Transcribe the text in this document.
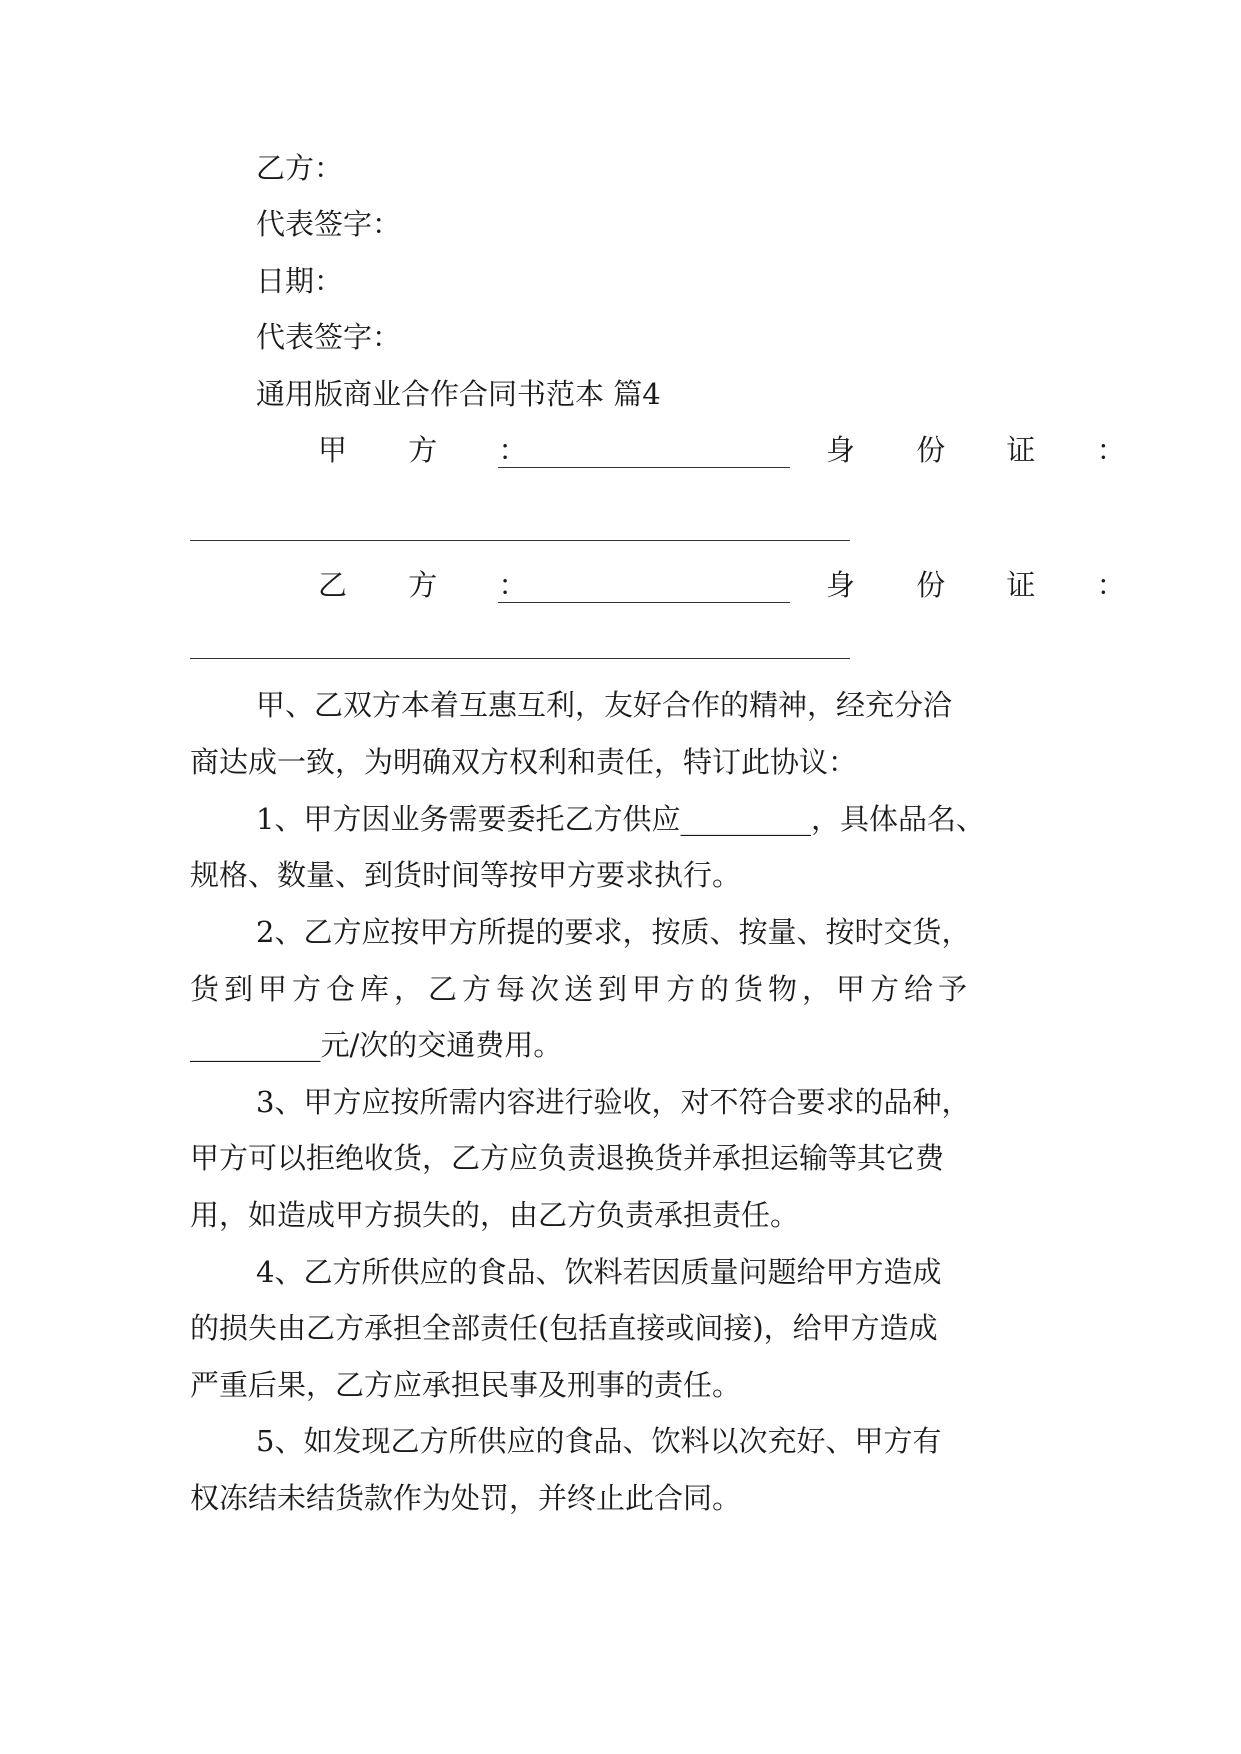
乙方：
代表签字：
日期：
代表签字：
通用版商业合作合同书范本 篇4
甲 方 ：	身 份 证 ：
乙 方 ：	身 份 证 ：
甲、乙双方本着互惠互利，友好合作的精神，经充分洽
商达成一致，为明确双方权利和责任，特订此协议：
1、甲方因业务需要委托乙方供应_________，具体品名、
规格、数量、到货时间等按甲方要求执行。
2、乙方应按甲方所提的要求，按质、按量、按时交货，
货到甲方仓库，乙方每次送到甲方的货物，甲方给予
_________元/次的交通费用。
3、甲方应按所需内容进行验收，对不符合要求的品种，
甲方可以拒绝收货，乙方应负责退换货并承担运输等其它费
用，如造成甲方损失的，由乙方负责承担责任。
4、乙方所供应的食品、饮料若因质量问题给甲方造成
的损失由乙方承担全部责任(包括直接或间接)，给甲方造成
严重后果，乙方应承担民事及刑事的责任。
5、如发现乙方所供应的食品、饮料以次充好、甲方有
权冻结未结货款作为处罚，并终止此合同。
